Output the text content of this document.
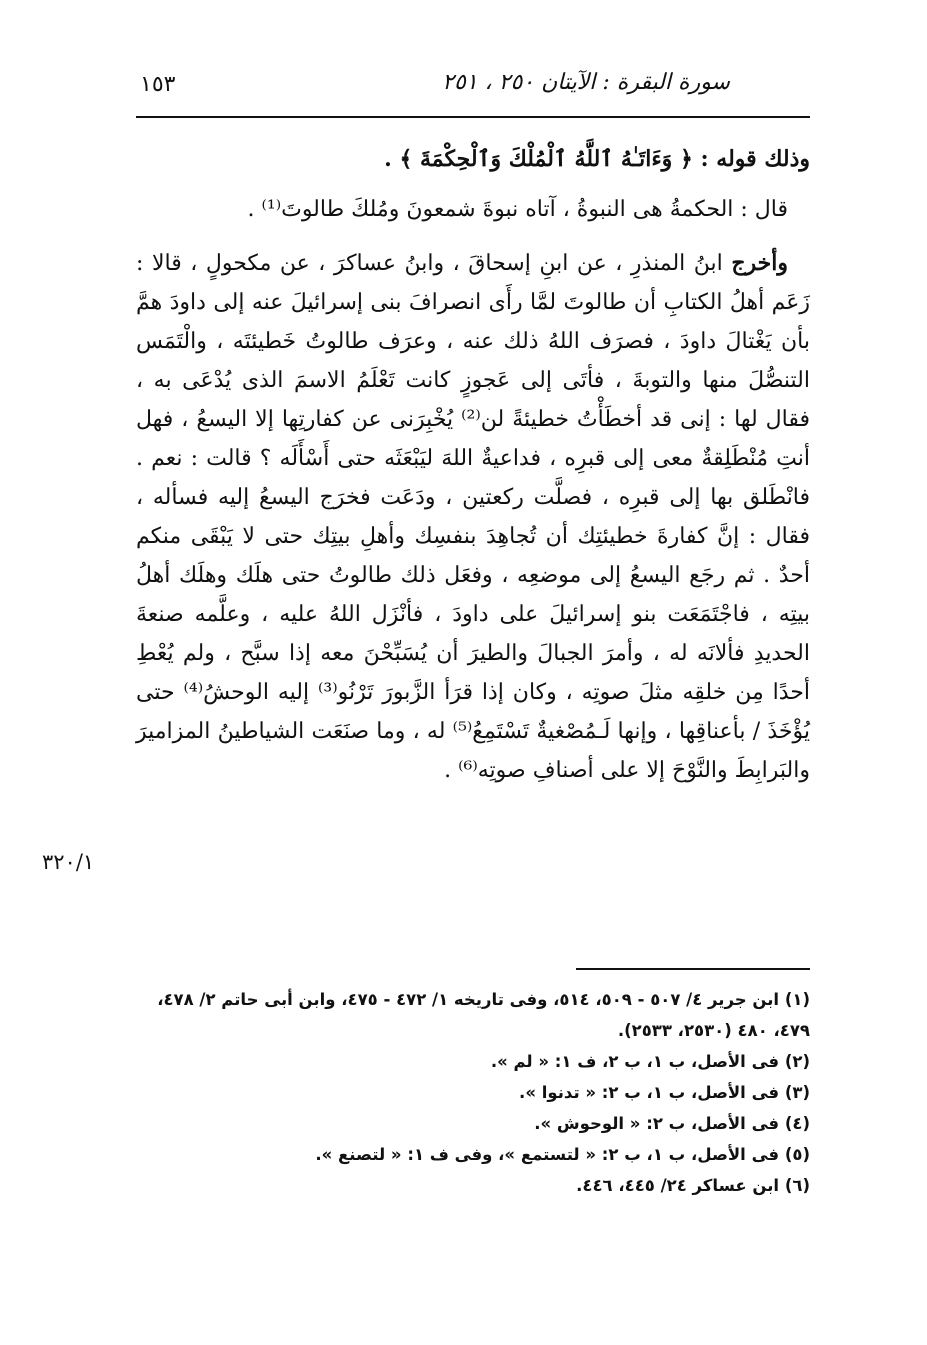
سورة البقرة : الآيتان ٢٥٠ ، ٢٥١
١٥٣

وذلك قوله : ﴿ وَءَاتَـٰهُ ٱللَّهُ ٱلْمُلْكَ وَٱلْحِكْمَةَ ﴾ .

قال : الحكمةُ هى النبوةُ ، آتاه نبوةَ شمعونَ ومُلكَ طالوتَ⁽¹⁾ .

وأخرج ابنُ المنذرِ ، عن ابنِ إسحاقَ ، وابنُ عساكرَ ، عن مكحولٍ ، قالا : زَعَم أهلُ الكتابِ أن طالوتَ لمَّا رأَى انصرافَ بنى إسرائيلَ عنه إلى داودَ همَّ بأن يَغْتالَ داودَ ، فصرَف اللهُ ذلك عنه ، وعرَف طالوتُ خَطيئتَه ، والْتَمَس التنصُّلَ منها والتوبةَ ، فأتَى إلى عَجوزٍ كانت تَعْلَمُ الاسمَ الذى يُدْعَى به ، فقال لها : إنى قد أخطَأْتُ خطيئةً لن⁽²⁾ يُخْبِرَنى عن كفارتِها إلا اليسعُ ، فهل أنتِ مُنْطَلِقةٌ معى إلى قبرِه ، فداعيةٌ اللهَ ليَبْعَثَه حتى أَسْأَلَه ؟ قالت : نعم . فانْطَلق بها إلى قبرِه ، فصلَّت ركعتين ، ودَعَت فخرَج اليسعُ إليه فسأله ، فقال : إنَّ كفارةَ خطيئتِك أن تُجاهِدَ بنفسِك وأهلِ بيتِك حتى لا يَبْقَى منكم أحدٌ . ثم رجَع اليسعُ إلى موضعِه ، وفعَل ذلك طالوتُ حتى هلَك وهلَك أهلُ بيتِه ، فاجْتَمَعَت بنو إسرائيلَ على داودَ ، فأنْزَل اللهُ عليه ، وعلَّمه صنعةَ الحديدِ فألانَه له ، وأمرَ الجبالَ والطيرَ أن يُسَبِّحْنَ معه إذا سبَّح ، ولم يُعْطِ أحدًا مِن خلقِه مثلَ صوتِه ، وكان إذا قرَأ الزَّبورَ تَرْنُو⁽³⁾ إليه الوحشُ⁽⁴⁾ حتى يُؤْخَذَ / بأعناقِها ، وإنها لَـمُصْغيةٌ تَسْتَمِعُ⁽⁵⁾ له ، وما صنَعَت الشياطينُ المزاميرَ والبَرابِطَ والنَّوْحَ إلا على أصنافِ صوتِه⁽⁶⁾ .

٣٢٠/١

(١) ابن جرير ٤/ ٥٠٧ - ٥٠٩، ٥١٤، وفى تاريخه ١/ ٤٧٢ - ٤٧٥، وابن أبى حاتم ٢/ ٤٧٨، ٤٧٩، ٤٨٠ (٢٥٣٠، ٢٥٣٣).

(٢) فى الأصل، ب ١، ب ٢، ف ١: « لم ».

(٣) فى الأصل، ب ١، ب ٢: « تدنوا ».

(٤) فى الأصل، ب ٢: « الوحوش ».

(٥) فى الأصل، ب ١، ب ٢: « لتستمع »، وفى ف ١: « لتصنع ».

(٦) ابن عساكر ٢٤/ ٤٤٥، ٤٤٦.
